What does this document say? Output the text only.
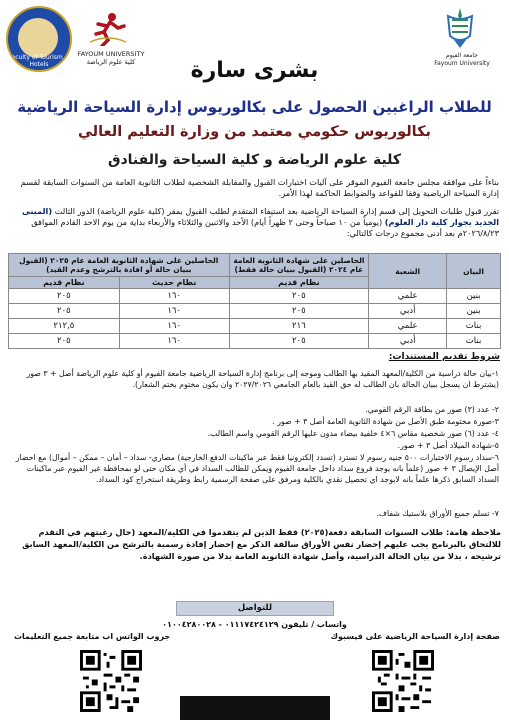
Faculty of Tourism & Hotels
FAYOUM UNIVERSITY
كلية علوم الرياضة
جامعة الفيوم
Fayoum University
بشرى سارة
للطلاب الراغبين الحصول على بكالوريوس إدارة السياحة الرياضية
بكالوريوس حكومي معتمد من وزارة التعليم العالي
كلية علوم الرياضة و كلية السياحة والفنادق
بناءاً على موافقة مجلس جامعة الفيوم الموقر على آليات اختبارات القبول والمقابلة الشخصية لطلاب الثانوية العامة من السنوات السابقة لقسم إدارة السياحة الرياضية وفقا للقواعد والضوابط الحاكمة لهذا الأمر.
تقرر قبول طلبات التحويل إلى قسم إدارة السياحة الرياضية بعد استيفاء المتقدم لطلب القبول بمقر (كلية علوم الرياضة) الدور الثالث (المبنى الجديد بجوار كلية دار العلوم) (يومياً من ١٠ صباحاً وحتى ٢ ظهراً أيام) الأحد والاثنين والثلاثاء والأربعاء بداية من يوم الاحد القادم الموافق ٢٠٢٦/٨/٢٣م بعد أدنى مجموع درجات كالتالي:
البيان	الشعبة	الحاصلين على شهادة الثانوية العامة عام ٢٠٢٤ (القبول ببيان حالة فقط)	الحاصلين على شهادة الثانوية العامة عام ٢٠٢٥ (القبول ببيان حالة أو افادة بالترشح وعدم القيد)	
		نظام قديم	نظام حديث	نظام قديم
بنين	علمي	٢٠٥	١٦٠	٢٠٥
بنين	أدبي	٢٠٥	١٦٠	٢٠٥
بنات	علمي	٢١٦	١٦٠	٢١٢,٥
بنات	أدبي	٢٠٥	١٦٠	٢٠٥
شروط تقديم المستندات:
١-بيان حالة دراسية من الكلية/المعهد المقيد بها الطالب وموجه إلى برنامج إدارة السياحة الرياضية جامعة الفيوم أو كلية علوم الرياضة أصل + ٣ صور (يشترط ان يسجل ببيان الحالة بان الطالب له حق القيد بالعام الجامعي ٢٠٢٧/٢٠٢٦ وان يكون مختوم بختم الشعار).
٢- عدد (٣) صور من بطاقة الرقم القومي.
٣-صورة مختومة طبق الأصل من شهادة الثانوية العامة أصل ٣ + صور .
٤- عدد (٦) صور شخصية مقاس ٦×٤ خلفية بيضاء مدون عليها الرقم القومي واسم الطالب.
٥-شهادة الميلاد أصل ٣ + صور.
٦-سداد رسوم الاختبارات ٥٠٠ جنيه رسوم لا تسترد (تسدد إلكترونيا فقط عبر ماكينات الدفع الخارجية) مصاري- سداد – أمان – ممكن – أموال) مع احضار أصل الإيصال ٣ + صور (علماً بانه يوجد فروع سداد داخل جامعة الفيوم ويمكن للطالب السداد في أي مكان حتى لو بمحافظة غير الفيوم عبر ماكينات السداد السابق ذكرها علماً بانه لايوجد اي تحصيل نقدي بالكلية ومرفق على صفحة الرسمية رابط وطريقة استخراج كود السداد.
٧- تسلم جميع الأوراق بلاستيك شفاف.
ملاحظة هامة: طلاب السنوات السابقة دفعة(٢٠٢٥) فقط الذين لم يتقدموا في الكلية/المعهد (حال رغبتهم في التقدم للالتحاق بالبرنامج يجب عليهم إحضار نفس الأوراق سالفة الذكر مع إحضار إفادة رسمية بالترشح من الكلية/المعهد السابق ترشيحه ، بدلا من بيان الحالة الدراسية، وأصل شهادة الثانوية العامة بدلا من صورة الشهادة.
للتواصل
واتساب / تليفون ٠١١١٧٤٢٤١٢٩ - ٠١٠٠٤٢٨٠٠٢٨
صفحة إدارة السياحة الرياضية على فيسبوك
جروب الواتس اب متابعة جميع التعليمات
